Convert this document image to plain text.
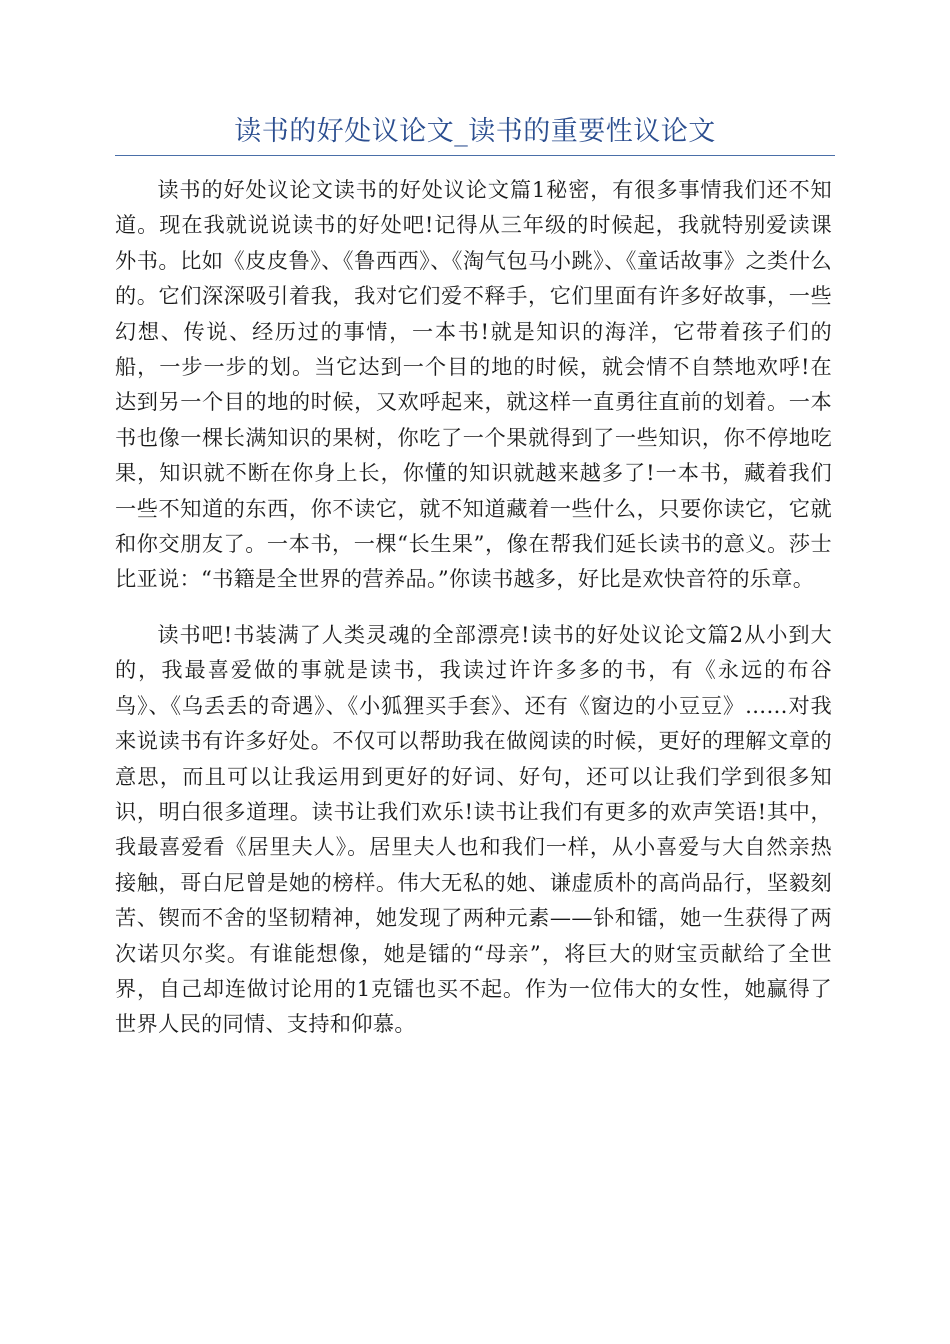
读书的好处议论文_读书的重要性议论文

读书的好处议论文读书的好处议论文篇1秘密，有很多事情我们还不知道。现在我就说说读书的好处吧!记得从三年级的时候起，我就特别爱读课外书。比如《皮皮鲁》、《鲁西西》、《淘气包马小跳》、《童话故事》之类什么的。它们深深吸引着我，我对它们爱不释手，它们里面有许多好故事，一些幻想、传说、经历过的事情，一本书!就是知识的海洋，它带着孩子们的船，一步一步的划。当它达到一个目的地的时候，就会情不自禁地欢呼!在达到另一个目的地的时候，又欢呼起来，就这样一直勇往直前的划着。一本书也像一棵长满知识的果树，你吃了一个果就得到了一些知识，你不停地吃果，知识就不断在你身上长，你懂的知识就越来越多了!一本书，藏着我们一些不知道的东西，你不读它，就不知道藏着一些什么，只要你读它，它就和你交朋友了。一本书，一棵“长生果”，像在帮我们延长读书的意义。莎士比亚说：“书籍是全世界的营养品。”你读书越多，好比是欢快音符的乐章。

读书吧!书装满了人类灵魂的全部漂亮!读书的好处议论文篇2从小到大的，我最喜爱做的事就是读书，我读过许许多多的书，有《永远的布谷鸟》、《乌丢丢的奇遇》、《小狐狸买手套》、还有《窗边的小豆豆》……对我来说读书有许多好处。不仅可以帮助我在做阅读的时候，更好的理解文章的意思，而且可以让我运用到更好的好词、好句，还可以让我们学到很多知识，明白很多道理。读书让我们欢乐!读书让我们有更多的欢声笑语!其中，我最喜爱看《居里夫人》。居里夫人也和我们一样，从小喜爱与大自然亲热接触，哥白尼曾是她的榜样。伟大无私的她、谦虚质朴的高尚品行，坚毅刻苦、锲而不舍的坚韧精神，她发现了两种元素——钋和镭，她一生获得了两次诺贝尔奖。有谁能想像，她是镭的“母亲”，将巨大的财宝贡献给了全世界，自己却连做讨论用的1克镭也买不起。作为一位伟大的女性，她赢得了世界人民的同情、支持和仰慕。
